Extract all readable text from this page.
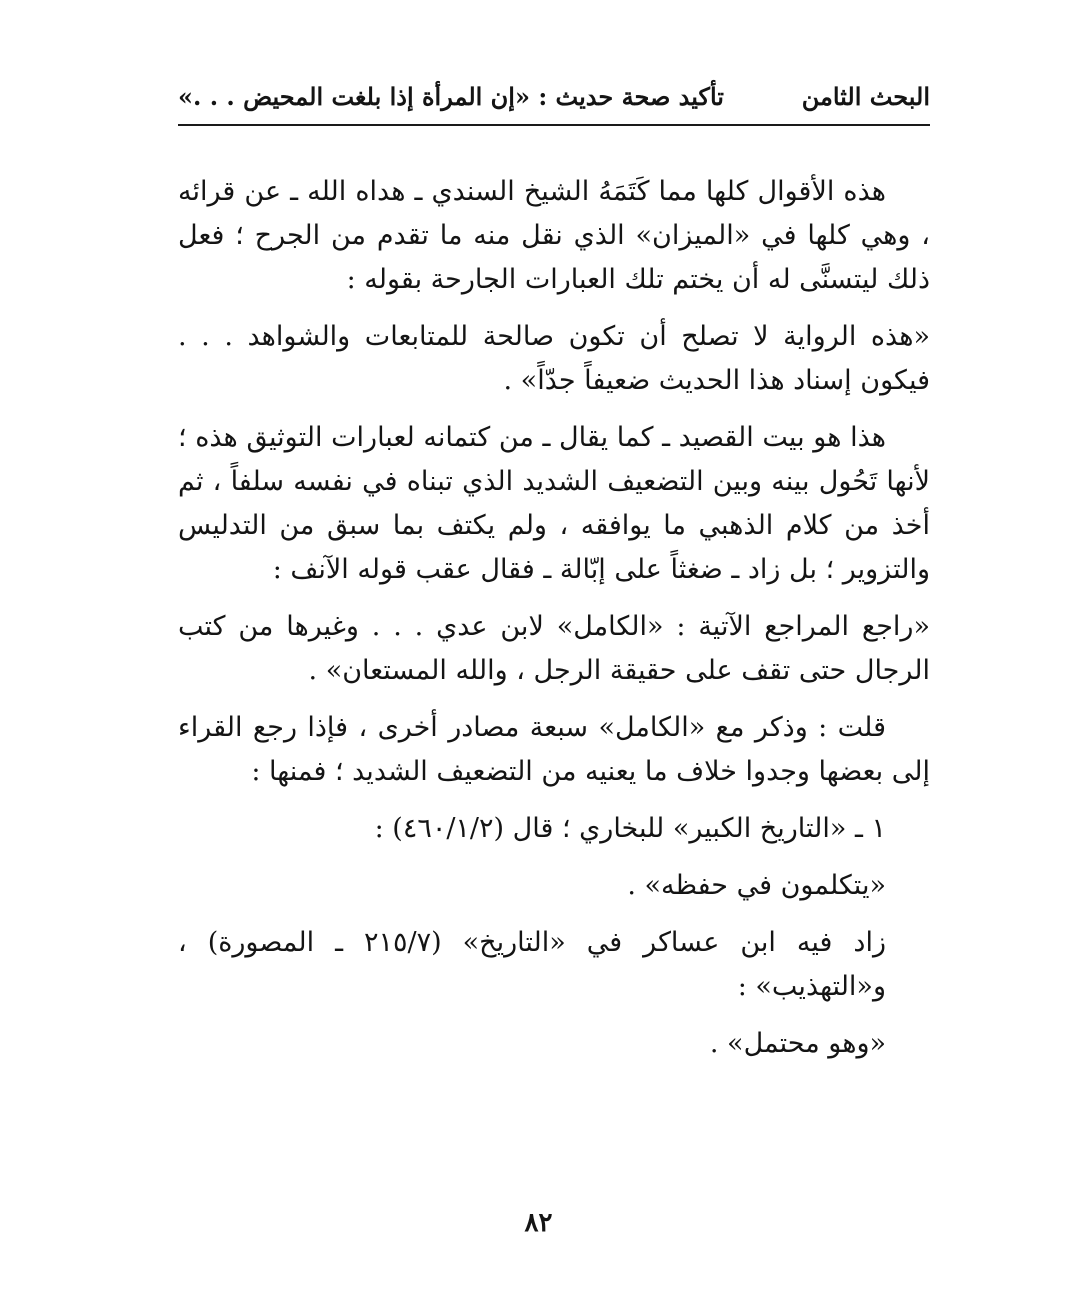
البحث الثامن
تأكيد صحة حديث : «إن المرأة إذا بلغت المحيض . . .»

هذه الأقوال كلها مما كَتَمَهُ الشيخ السندي ـ هداه الله ـ عن قرائه ، وهي كلها في «الميزان» الذي نقل منه ما تقدم من الجرح ؛ فعل ذلك ليتسنَّى له أن يختم تلك العبارات الجارحة بقوله :

«هذه الرواية لا تصلح أن تكون صالحة للمتابعات والشواهد . . . فيكون إسناد هذا الحديث ضعيفاً جدّاً» .

هذا هو بيت القصيد ـ كما يقال ـ من كتمانه لعبارات التوثيق هذه ؛ لأنها تَحُول بينه وبين التضعيف الشديد الذي تبناه في نفسه سلفاً ، ثم أخذ من كلام الذهبي ما يوافقه ، ولم يكتف بما سبق من التدليس والتزوير ؛ بل زاد ـ ضغثاً على إبّالة ـ فقال عقب قوله الآنف :

«راجع المراجع الآتية : «الكامل» لابن عدي . . . وغيرها من كتب الرجال حتى تقف على حقيقة الرجل ، والله المستعان» .

قلت : وذكر مع «الكامل» سبعة مصادر أخرى ، فإذا رجع القراء إلى بعضها وجدوا خلاف ما يعنيه من التضعيف الشديد ؛ فمنها :

١ ـ «التاريخ الكبير» للبخاري ؛ قال (٤٦٠/١/٢) :

«يتكلمون في حفظه» .

زاد فيه ابن عساكر في «التاريخ» (٢١٥/٧ ـ المصورة) ، و«التهذيب» :

«وهو محتمل» .

٨٢
